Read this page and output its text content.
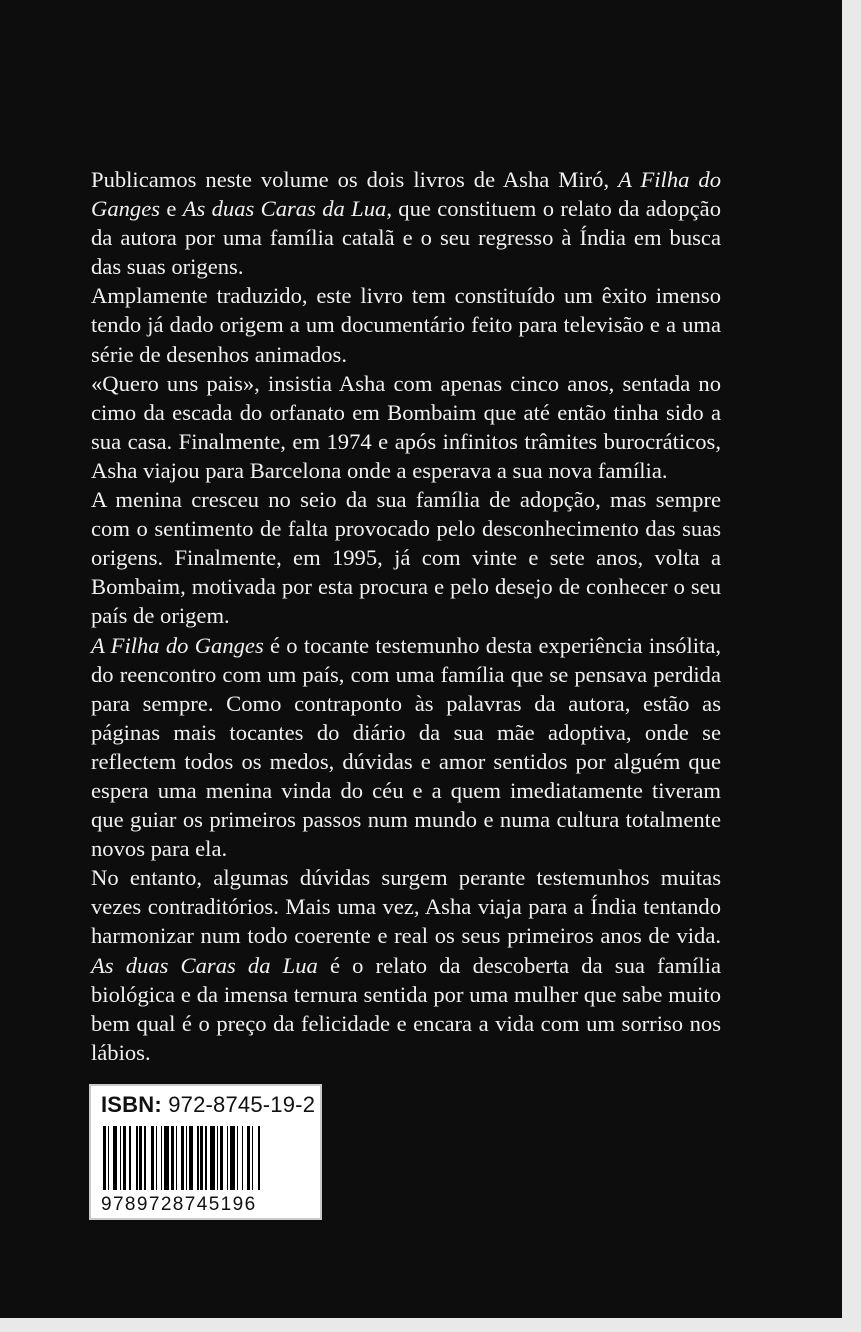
Publicamos neste volume os dois livros de Asha Miró, A Filha do Ganges e As duas Caras da Lua, que constituem o relato da adopção da autora por uma família catalã e o seu regresso à Índia em busca das suas origens.

Amplamente traduzido, este livro tem constituído um êxito imenso tendo já dado origem a um documentário feito para televisão e a uma série de desenhos animados.

«Quero uns pais», insistia Asha com apenas cinco anos, sentada no cimo da escada do orfanato em Bombaim que até então tinha sido a sua casa. Finalmente, em 1974 e após infinitos trâmites burocráticos, Asha viajou para Barcelona onde a esperava a sua nova família.

A menina cresceu no seio da sua família de adopção, mas sempre com o sentimento de falta provocado pelo desconhecimento das suas origens. Finalmente, em 1995, já com vinte e sete anos, volta a Bombaim, motivada por esta procura e pelo desejo de conhecer o seu país de origem.

A Filha do Ganges é o tocante testemunho desta experiência insólita, do reencontro com um país, com uma família que se pensava perdida para sempre. Como contraponto às palavras da autora, estão as páginas mais tocantes do diário da sua mãe adoptiva, onde se reflectem todos os medos, dúvidas e amor sentidos por alguém que espera uma menina vinda do céu e a quem imediatamente tiveram que guiar os primeiros passos num mundo e numa cultura totalmente novos para ela.

No entanto, algumas dúvidas surgem perante testemunhos muitas vezes contraditórios. Mais uma vez, Asha viaja para a Índia tentando harmonizar num todo coerente e real os seus primeiros anos de vida. As duas Caras da Lua é o relato da descoberta da sua família biológica e da imensa ternura sentida por uma mulher que sabe muito bem qual é o preço da felicidade e encara a vida com um sorriso nos lábios.

ISBN: 972-8745-19-2
9789728745196
